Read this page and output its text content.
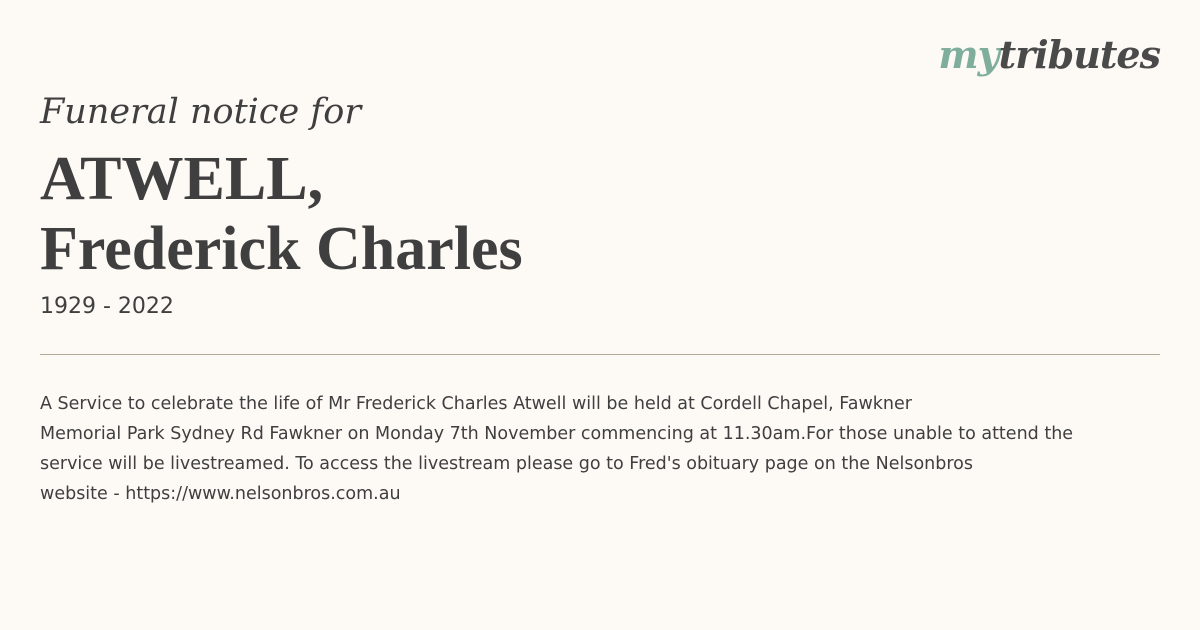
mytributes
Funeral notice for
ATWELL,
Frederick Charles
1929 - 2022
A Service to celebrate the life of Mr Frederick Charles Atwell will be held at Cordell Chapel, Fawkner
Memorial Park Sydney Rd Fawkner on Monday 7th November commencing at 11.30am.For those unable to attend the
service will be livestreamed. To access the livestream please go to Fred's obituary page on the Nelsonbros
website - https://www.nelsonbros.com.au
